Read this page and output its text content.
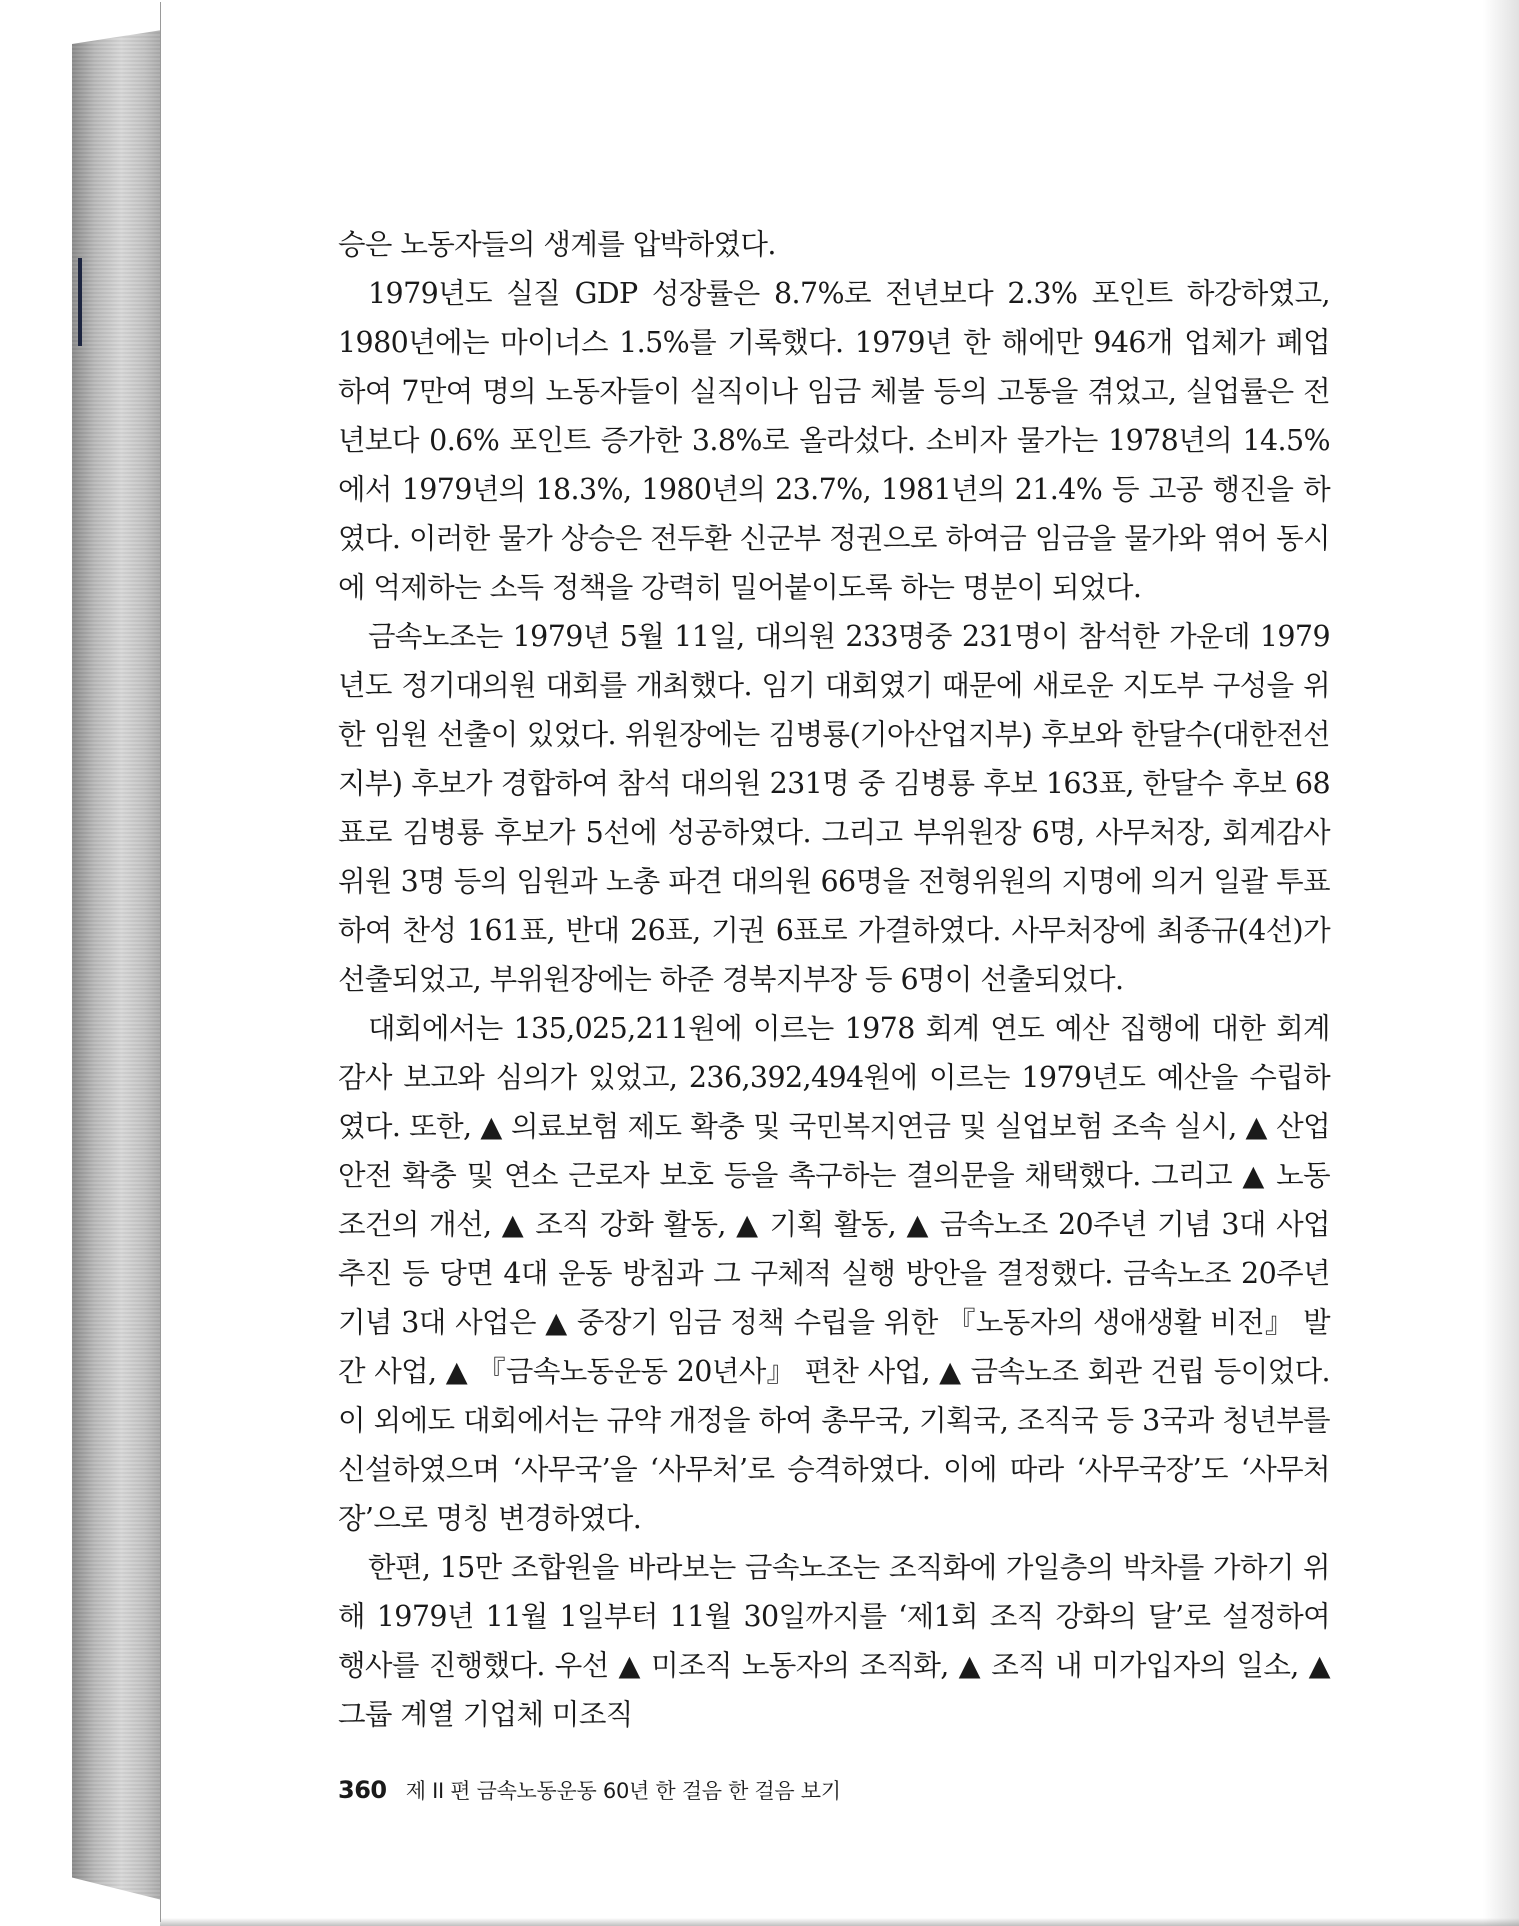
승은 노동자들의 생계를 압박하였다.

1979년도 실질 GDP 성장률은 8.7%로 전년보다 2.3% 포인트 하강하였고, 1980년에는 마이너스 1.5%를 기록했다. 1979년 한 해에만 946개 업체가 폐업하여 7만여 명의 노동자들이 실직이나 임금 체불 등의 고통을 겪었고, 실업률은 전년보다 0.6% 포인트 증가한 3.8%로 올라섰다. 소비자 물가는 1978년의 14.5%에서 1979년의 18.3%, 1980년의 23.7%, 1981년의 21.4% 등 고공 행진을 하였다. 이러한 물가 상승은 전두환 신군부 정권으로 하여금 임금을 물가와 엮어 동시에 억제하는 소득 정책을 강력히 밀어붙이도록 하는 명분이 되었다.

금속노조는 1979년 5월 11일, 대의원 233명중 231명이 참석한 가운데 1979년도 정기대의원 대회를 개최했다. 임기 대회였기 때문에 새로운 지도부 구성을 위한 임원 선출이 있었다. 위원장에는 김병룡(기아산업지부) 후보와 한달수(대한전선지부) 후보가 경합하여 참석 대의원 231명 중 김병룡 후보 163표, 한달수 후보 68표로 김병룡 후보가 5선에 성공하였다. 그리고 부위원장 6명, 사무처장, 회계감사위원 3명 등의 임원과 노총 파견 대의원 66명을 전형위원의 지명에 의거 일괄 투표하여 찬성 161표, 반대 26표, 기권 6표로 가결하였다. 사무처장에 최종규(4선)가 선출되었고, 부위원장에는 하준 경북지부장 등 6명이 선출되었다.

대회에서는 135,025,211원에 이르는 1978 회계 연도 예산 집행에 대한 회계 감사 보고와 심의가 있었고, 236,392,494원에 이르는 1979년도 예산을 수립하였다. 또한, ▲ 의료보험 제도 확충 및 국민복지연금 및 실업보험 조속 실시, ▲ 산업안전 확충 및 연소 근로자 보호 등을 촉구하는 결의문을 채택했다. 그리고 ▲ 노동조건의 개선, ▲ 조직 강화 활동, ▲ 기획 활동, ▲ 금속노조 20주년 기념 3대 사업 추진 등 당면 4대 운동 방침과 그 구체적 실행 방안을 결정했다. 금속노조 20주년 기념 3대 사업은 ▲ 중장기 임금 정책 수립을 위한 『노동자의 생애생활 비전』 발간 사업, ▲ 『금속노동운동 20년사』 편찬 사업, ▲ 금속노조 회관 건립 등이었다. 이 외에도 대회에서는 규약 개정을 하여 총무국, 기획국, 조직국 등 3국과 청년부를 신설하였으며 ‘사무국’을 ‘사무처’로 승격하였다. 이에 따라 ‘사무국장’도 ‘사무처장’으로 명칭 변경하였다.

한편, 15만 조합원을 바라보는 금속노조는 조직화에 가일층의 박차를 가하기 위해 1979년 11월 1일부터 11월 30일까지를 ‘제1회 조직 강화의 달’로 설정하여 행사를 진행했다. 우선 ▲ 미조직 노동자의 조직화, ▲ 조직 내 미가입자의 일소, ▲ 그룹 계열 기업체 미조직

360 제 II 편 금속노동운동 60년 한 걸음 한 걸음 보기
